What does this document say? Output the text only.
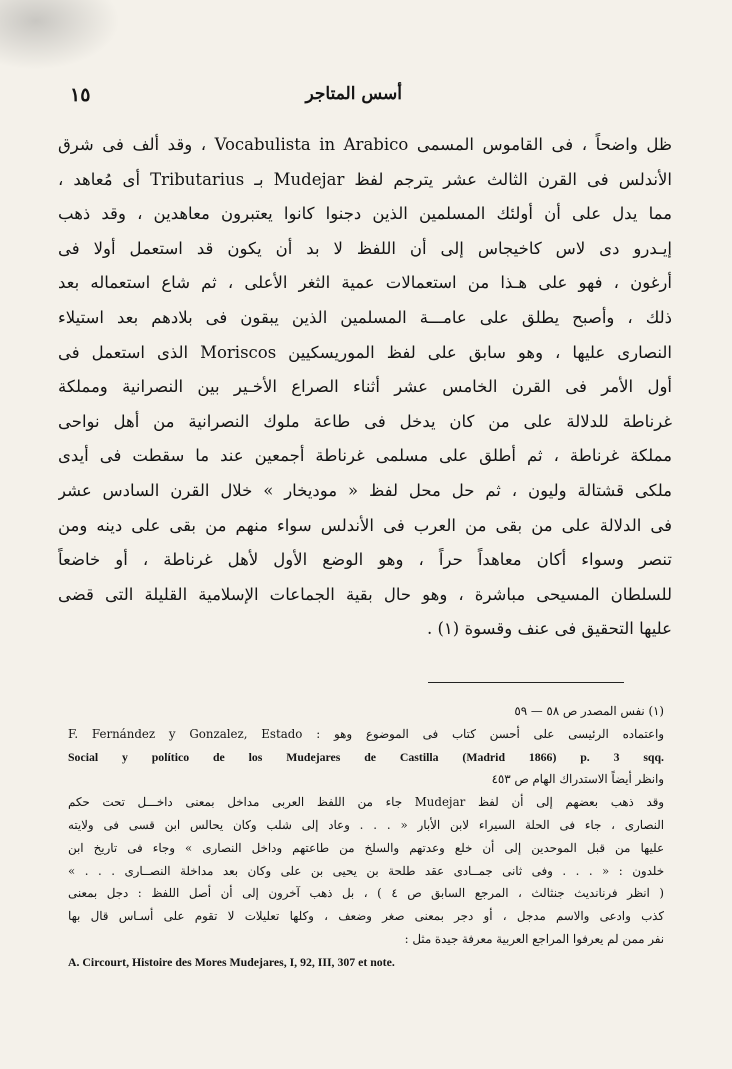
أسس المتاجر
١٥
ظل واضحاً ، فى القاموس المسمى Vocabulista in Arabico ، وقد ألف فى شرق
الأندلس فى القرن الثالث عشر يترجم لفظ Mudejar بـ Tributarius أى مُعاهد ،
مما يدل على أن أولئك المسلمين الذين دجنوا كانوا يعتبرون معاهدين ، وقد ذهب
إيـدرو دى لاس كاخيجاس إلى أن اللفظ لا بد أن يكون قد استعمل أولا فى
أرغون ، فهو على هـذا من استعمالات عمية الثغر الأعلى ، ثم شاع استعماله بعد
ذلك ، وأصبح يطلق على عامـــة المسلمين الذين يبقون فى بلادهم بعد استيلاء
النصارى عليها ، وهو سابق على لفظ الموريسكيين Moriscos الذى استعمل فى
أول الأمر فى القرن الخامس عشر أثناء الصراع الأخـير بين النصرانية ومملكة
غرناطة للدلالة على من كان يدخل فى طاعة ملوك النصرانية من أهل نواحى
مملكة غرناطة ، ثم أطلق على مسلمى غرناطة أجمعين عند ما سقطت فى أيدى
ملكى قشتالة وليون ، ثم حل محل لفظ « موديخار » خلال القرن السادس عشر
فى الدلالة على من بقى من العرب فى الأندلس سواء منهم من بقى على دينه ومن
تنصر وسواء أكان معاهداً حراً ، وهو الوضع الأول لأهل غرناطة ، أو خاضعاً
للسلطان المسيحى مباشرة ، وهو حال بقية الجماعات الإسلامية القليلة التى قضى
عليها التحقيق فى عنف وقسوة (١) .
(١) نفس المصدر ص ٥٨ — ٥٩
واعتماده الرئيسى على أحسن كتاب فى الموضوع وهو : F. Fernández y Gonzalez, Estado
Social y político de los Mudejares de Castilla (Madrid 1866) p. 3 sqq.
وانظر أيضاً الاستدراك الهام ص ٤٥٣
وقد ذهب بعضهم إلى أن لفظ Mudejar جاء من اللفظ العربى مداخل بمعنى داخـــل تحت حكم
النصارى ، جاء فى الحلة السيراء لابن الأبار « . . . وعاد إلى شلب وكان يحالس ابن قسى فى ولايته
عليها من قبل الموحدين إلى أن خلع وعدتهم والسلخ من طاعتهم وداخل النصارى » وجاء فى تاريخ ابن
خلدون : « . . . وفى ثانى جمــادى عقد طلحة بن يحيى بن على وكان بعد مداخلة النصــارى . . . »
( انظر فرنانديث جنثالث ، المرجع السابق ص ٤ ) ، بل ذهب آخرون إلى أن أصل اللفظ : دجل بمعنى
كذب وادعى والاسم مدجل ، أو دجر بمعنى صغر وضعف ، وكلها تعليلات لا تقوم على أسـاس قال بها
نفر ممن لم يعرفوا المراجع العربية معرفة جيدة مثل :
A. Circourt, Histoire des Mores Mudejares, I, 92, III, 307 et note.
